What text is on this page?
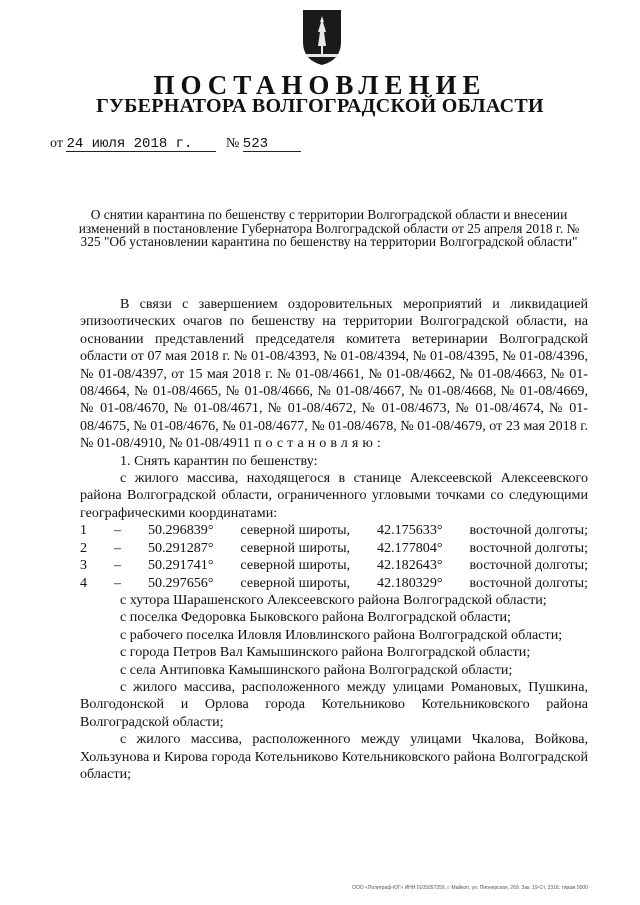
ПОСТАНОВЛЕНИЕ
ГУБЕРНАТОРА ВОЛГОГРАДСКОЙ ОБЛАСТИ
от 24 июля 2018 г. № 523
О снятии карантина по бешенству с территории Волгоградской области и внесении изменений в постановление Губернатора Волгоградской области от 25 апреля 2018 г. № 325 "Об установлении карантина по бешенству на территории Волгоградской области"

В связи с завершением оздоровительных мероприятий и ликвидацией эпизоотических очагов по бешенству на территории Волгоградской области, на основании представлений председателя комитета ветеринарии Волгоградской области от 07 мая 2018 г. № 01-08/4393, № 01-08/4394, № 01-08/4395, № 01-08/4396, № 01-08/4397, от 15 мая 2018 г. № 01-08/4661, № 01-08/4662, № 01-08/4663, № 01-08/4664, № 01-08/4665, № 01-08/4666, № 01-08/4667, № 01-08/4668, № 01-08/4669, № 01-08/4670, № 01-08/4671, № 01-08/4672, № 01-08/4673, № 01-08/4674, № 01-08/4675, № 01-08/4676, № 01-08/4677, № 01-08/4678, № 01-08/4679, от 23 мая 2018 г. № 01-08/4910, № 01-08/4911 постановляю:

1. Снять карантин по бешенству:

с жилого массива, находящегося в станице Алексеевской Алексеевского района Волгоградской области, ограниченного угловыми точками со следующими географическими координатами:

1 – 50.296839° северной широты, 42.175633° восточной долготы;
2 – 50.291287° северной широты, 42.177804° восточной долготы;
3 – 50.291741° северной широты, 42.182643° восточной долготы;
4 – 50.297656° северной широты, 42.180329° восточной долготы;

с хутора Шарашенского Алексеевского района Волгоградской области;

с поселка Федоровка Быковского района Волгоградской области;

с рабочего поселка Иловля Иловлинского района Волгоградской области;

с города Петров Вал Камышинского района Волгоградской области;

с села Антиповка Камышинского района Волгоградской области;

с жилого массива, расположенного между улицами Романовых, Пушкина, Волгодонской и Орлова города Котельниково Котельниковского района Волгоградской области;

с жилого массива, расположенного между улицами Чкалова, Войкова, Хользунова и Кирова города Котельниково Котельниковского района Волгоградской области;

ООО «Полиграф-ЮГ» ИНН 0105057259, г. Майкоп, ул. Пионерская, 269. Зак. 19-Ст, 2318, тираж 5000
